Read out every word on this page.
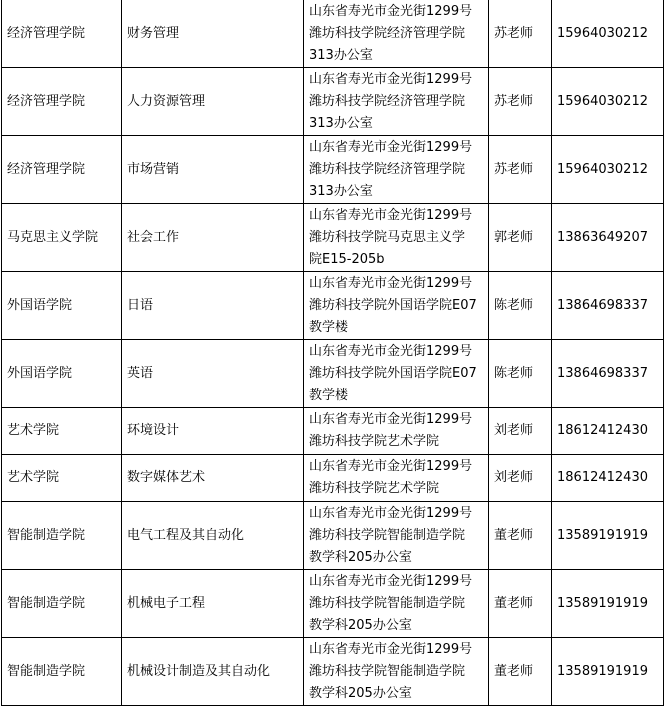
经济管理学院	财务管理	山东省寿光市金光街1299号
潍坊科技学院经济管理学院
313办公室	苏老师	15964030212
经济管理学院	人力资源管理	山东省寿光市金光街1299号
潍坊科技学院经济管理学院
313办公室	苏老师	15964030212
经济管理学院	市场营销	山东省寿光市金光街1299号
潍坊科技学院经济管理学院
313办公室	苏老师	15964030212
马克思主义学院	社会工作	山东省寿光市金光街1299号
潍坊科技学院马克思主义学
院E15-205b	郭老师	13863649207
外国语学院	日语	山东省寿光市金光街1299号
潍坊科技学院外国语学院E07
教学楼	陈老师	13864698337
外国语学院	英语	山东省寿光市金光街1299号
潍坊科技学院外国语学院E07
教学楼	陈老师	13864698337
艺术学院	环境设计	山东省寿光市金光街1299号
潍坊科技学院艺术学院	刘老师	18612412430
艺术学院	数字媒体艺术	山东省寿光市金光街1299号
潍坊科技学院艺术学院	刘老师	18612412430
智能制造学院	电气工程及其自动化	山东省寿光市金光街1299号
潍坊科技学院智能制造学院
教学科205办公室	董老师	13589191919
智能制造学院	机械电子工程	山东省寿光市金光街1299号
潍坊科技学院智能制造学院
教学科205办公室	董老师	13589191919
智能制造学院	机械设计制造及其自动化	山东省寿光市金光街1299号
潍坊科技学院智能制造学院
教学科205办公室	董老师	13589191919
